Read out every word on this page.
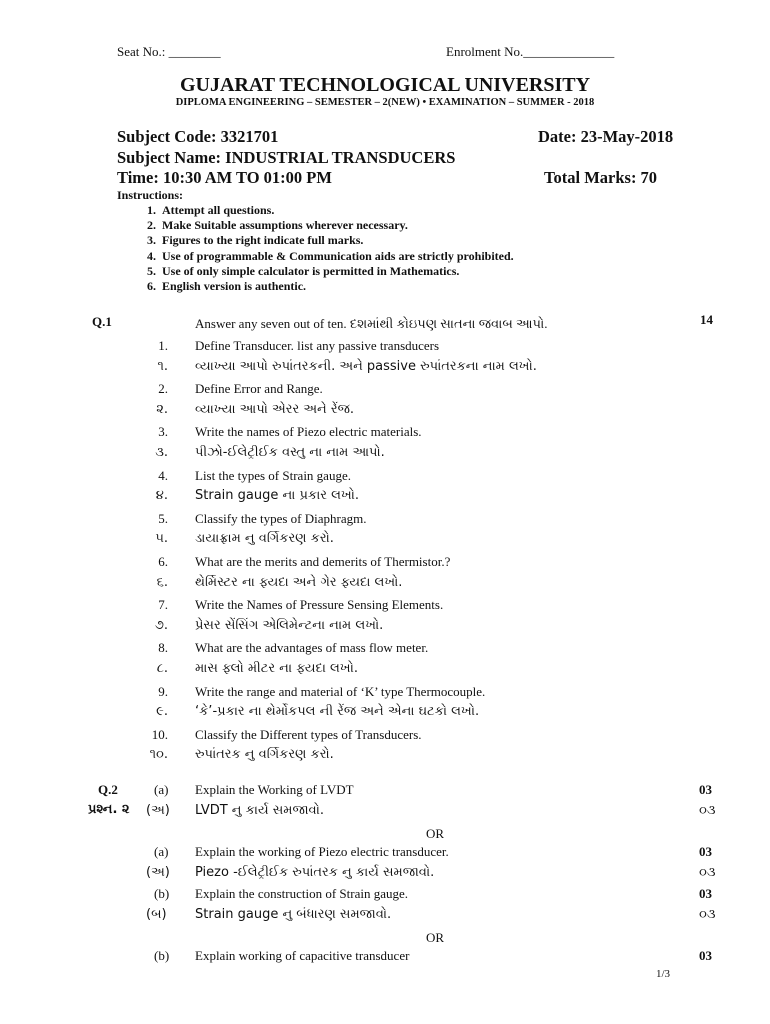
Seat No.: ________	Enrolment No.______________
GUJARAT TECHNOLOGICAL UNIVERSITY
DIPLOMA ENGINEERING – SEMESTER – 2(NEW) • EXAMINATION – SUMMER - 2018
Subject Code: 3321701	Date: 23-May-2018
Subject Name: INDUSTRIAL TRANSDUCERS
Time: 10:30 AM TO 01:00 PM	Total Marks: 70
Instructions:
1. Attempt all questions.
2. Make Suitable assumptions wherever necessary.
3. Figures to the right indicate full marks.
4. Use of programmable & Communication aids are strictly prohibited.
5. Use of only simple calculator is permitted in Mathematics.
6. English version is authentic.
Q.1	14
Answer any seven out of ten. દશમાંથી કોઇપણ સાતના જવાબ આપો.
1. Define Transducer. list any passive transducers
૧. વ્યાખ્યા આપો રુપાંતરકની. અને passive રુપાંતરકના નામ લખો.
2. Define Error and Range.
૨. વ્યાખ્યા આપો એરર અને રેંજ.
3. Write the names of Piezo electric materials.
૩. પીઝો-ઈલેટ્રીઈક વસ્તુ ના નામ આપો.
4. List the types of Strain gauge.
૪. Strain gauge ના પ્રકાર લખો.
5. Classify the types of Diaphragm.
૫. ડાયાફ્રામ નુ વર્ગિકરણ કરો.
6. What are the merits and demerits of Thermistor.?
૬. થેર્મિસ્ટર ના ફ્યદા અને ગેર ફ્યદા લખો.
7. Write the Names of Pressure Sensing Elements.
૭. પ્રેસર સેંસિંગ એલિમેન્ટના નામ લખો.
8. What are the advantages of mass flow meter.
૮. માસ ફ્લો મીટર ના ફ્યદા લખો.
9. Write the range and material of ‘K’ type Thermocouple.
૯. ‘કે’-પ્રકાર ના થેર્મોકપલ ની રેંજ અને એના ઘટકો લખો.
10. Classify the Different types of Transducers.
૧૦. રુપાંતરક નુ વર્ગિકરણ કરો.
Q.2
પ્રશ્ન. ૨
(a) Explain the Working of LVDT	03
(અ) LVDT નુ કાર્ય સમજાવો.	૦૩
OR
(a) Explain the working of Piezo electric transducer.	03
(અ) Piezo -ઈલેટ્રીઈક રુપાંતરક નુ કાર્ય સમજાવો.	૦૩
(b) Explain the construction of Strain gauge.	03
(બ) Strain gauge નુ બંધારણ સમજાવો.	૦૩
OR
(b) Explain working of capacitive transducer	03
1/3
